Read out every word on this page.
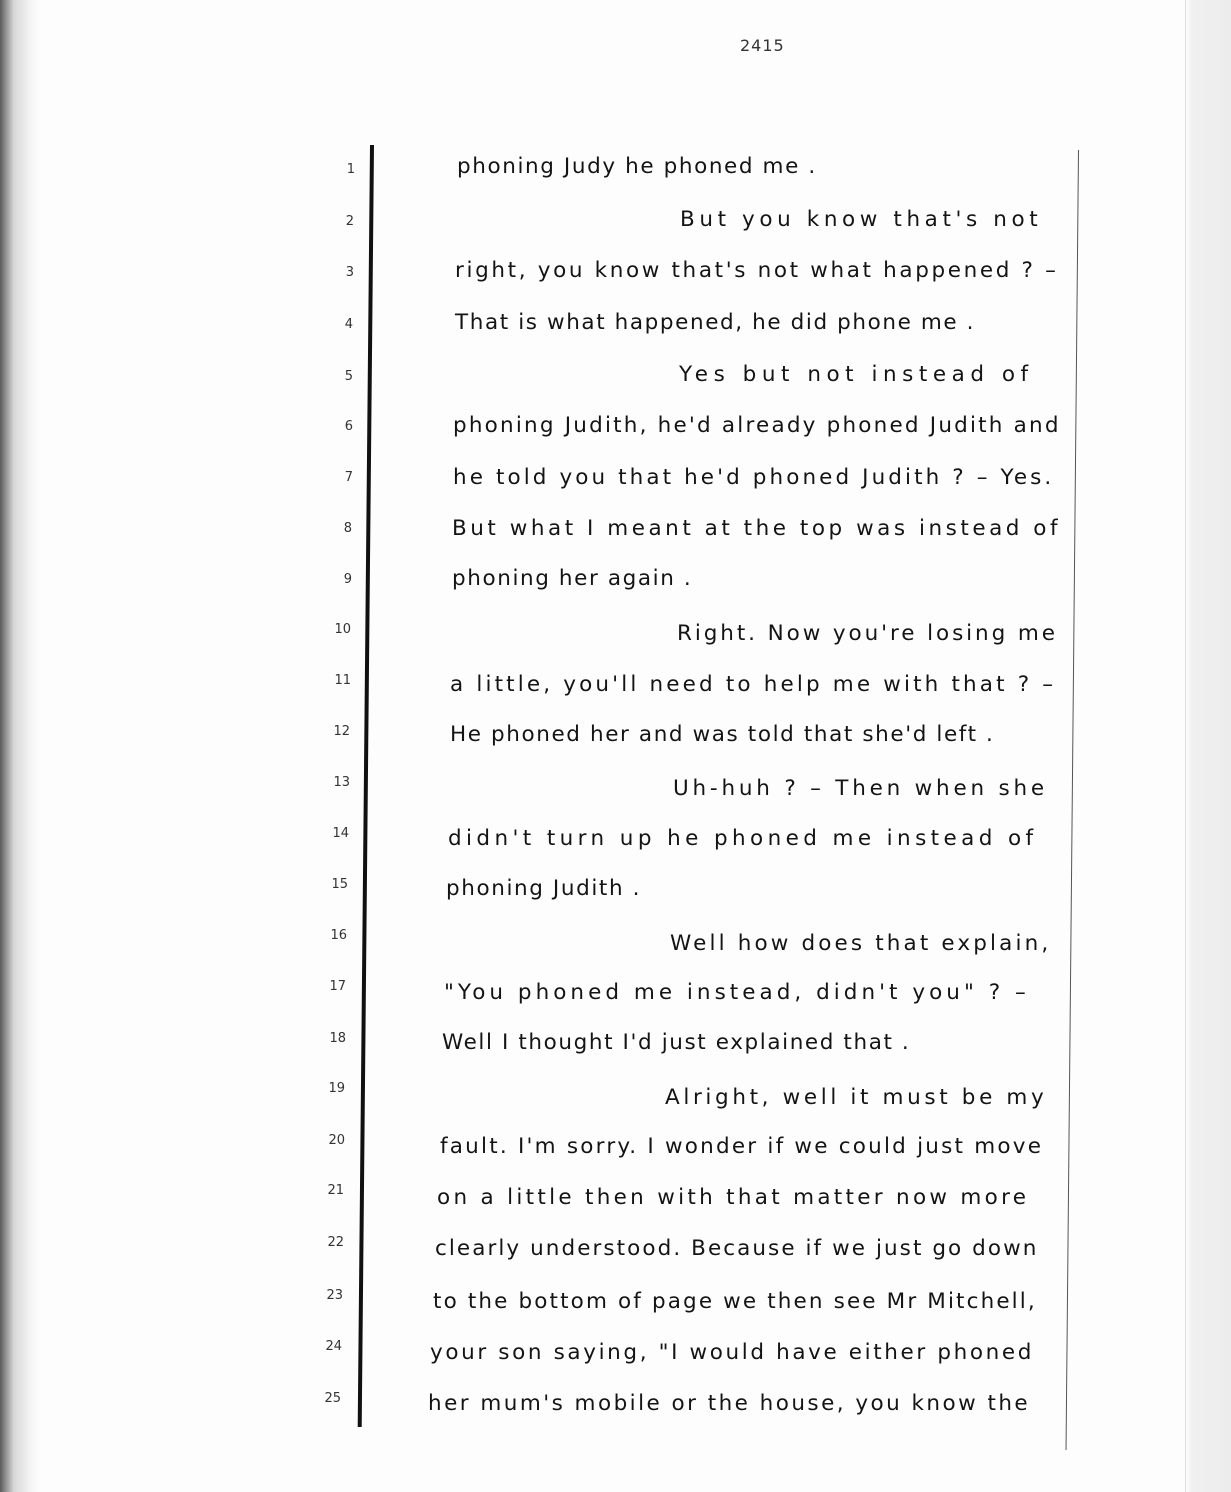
2415
1	phoning Judy he phoned me .
2	But you know that's not
3	right, you know that's not what happened ? –
4	That is what happened, he did phone me .
5	Yes but not instead of
6	phoning Judith, he'd already phoned Judith and
7	he told you that he'd phoned Judith ? – Yes.
8	But what I meant at the top was instead of
9	phoning her again .
10	Right. Now you're losing me
11	a little, you'll need to help me with that ? –
12	He phoned her and was told that she'd left .
13	Uh-huh ? – Then when she
14	didn't turn up he phoned me instead of
15	phoning Judith .
16	Well how does that explain,
17	"You phoned me instead, didn't you" ? –
18	Well I thought I'd just explained that .
19	Alright, well it must be my
20	fault. I'm sorry. I wonder if we could just move
21	on a little then with that matter now more
22	clearly understood. Because if we just go down
23	to the bottom of page we then see Mr Mitchell,
24	your son saying, "I would have either phoned
25	her mum's mobile or the house, you know the
